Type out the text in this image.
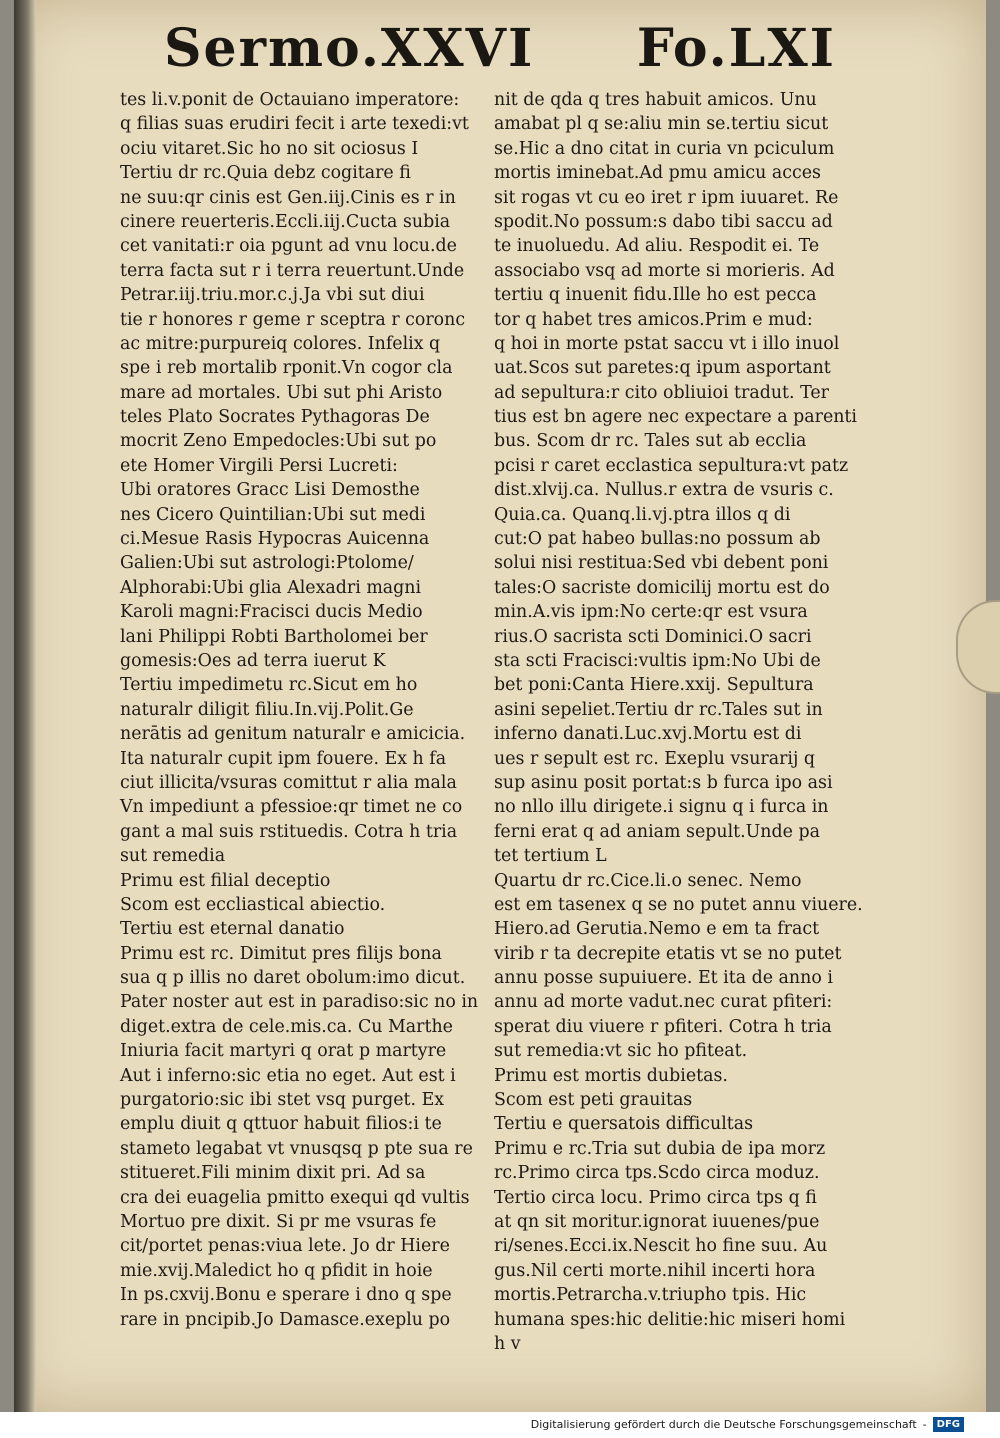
Sermo.XXVI Fo.LXI
tes li.v.ponit de Octauiano imperatore:
q filias suas erudiri fecit i arte texedi:vt
ociu vitaret.Sic ho no sit ociosus I
Tertiu dr rc.Quia debz cogitare fi
ne suu:qr cinis est Gen.iij.Cinis es r in
cinere reuerteris.Eccli.iij.Cucta subia
cet vanitati:r oia pgunt ad vnu locu.de
terra facta sut r i terra reuertunt.Unde
Petrar.iij.triu.mor.c.j.Ja vbi sut diui
tie r honores r geme r sceptra r coronc
ac mitre:purpureiq colores. Infelix q
spe i reb mortalib rponit.Vn cogor cla
mare ad mortales. Ubi sut phi Aristo
teles Plato Socrates Pythagoras De
mocrit Zeno Empedocles:Ubi sut po
ete Homer Virgili Persi Lucreti:
Ubi oratores Gracc Lisi Demosthe
nes Cicero Quintilian:Ubi sut medi
ci.Mesue Rasis Hypocras Auicenna
Galien:Ubi sut astrologi:Ptolome/
Alphorabi:Ubi glia Alexadri magni
Karoli magni:Fracisci ducis Medio
lani Philippi Robti Bartholomei ber
gomesis:Oes ad terra iuerut K
Tertiu impedimetu rc.Sicut em ho
naturalr diligit filiu.In.vij.Polit.Ge
nerātis ad genitum naturalr e amicicia.
Ita naturalr cupit ipm fouere. Ex h fa
ciut illicita/vsuras comittut r alia mala
Vn impediunt a pfessioe:qr timet ne co
gant a mal suis rstituedis. Cotra h tria
sut remedia
Primu est filial deceptio
Scom est eccliastical abiectio.
Tertiu est eternal danatio
Primu est rc. Dimitut pres filijs bona
sua q p illis no daret obolum:imo dicut.
Pater noster aut est in paradiso:sic no in
diget.extra de cele.mis.ca. Cu Marthe
Iniuria facit martyri q orat p martyre
Aut i inferno:sic etia no eget. Aut est i
purgatorio:sic ibi stet vsq purget. Ex
emplu diuit q qttuor habuit filios:i te
stameto legabat vt vnusqsq p pte sua re
stitueret.Fili minim dixit pri. Ad sa
cra dei euagelia pmitto exequi qd vultis
Mortuo pre dixit. Si pr me vsuras fe
cit/portet penas:viua lete. Jo dr Hiere
mie.xvij.Maledict ho q pfidit in hoie
In ps.cxvij.Bonu e sperare i dno q spe
rare in pncipib.Jo Damasce.exeplu po
nit de qda q tres habuit amicos. Unu
amabat pl q se:aliu min se.tertiu sicut
se.Hic a dno citat in curia vn pciculum
mortis iminebat.Ad pmu amicu acces
sit rogas vt cu eo iret r ipm iuuaret. Re
spodit.No possum:s dabo tibi saccu ad
te inuoluedu. Ad aliu. Respodit ei. Te
associabo vsq ad morte si morieris. Ad
tertiu q inuenit fidu.Ille ho est pecca
tor q habet tres amicos.Prim e mud:
q hoi in morte pstat saccu vt i illo inuol
uat.Scos sut paretes:q ipum asportant
ad sepultura:r cito obliuioi tradut. Ter
tius est bn agere nec expectare a parenti
bus. Scom dr rc. Tales sut ab ecclia
pcisi r caret ecclastica sepultura:vt patz
dist.xlvij.ca. Nullus.r extra de vsuris c.
Quia.ca. Quanq.li.vj.ptra illos q di
cut:O pat habeo bullas:no possum ab
solui nisi restitua:Sed vbi debent poni
tales:O sacriste domicilij mortu est do
min.A.vis ipm:No certe:qr est vsura
rius.O sacrista scti Dominici.O sacri
sta scti Fracisci:vultis ipm:No Ubi de
bet poni:Canta Hiere.xxij. Sepultura
asini sepeliet.Tertiu dr rc.Tales sut in
inferno danati.Luc.xvj.Mortu est di
ues r sepult est rc. Exeplu vsurarij q
sup asinu posit portat:s b furca ipo asi
no nllo illu dirigete.i signu q i furca in
ferni erat q ad aniam sepult.Unde pa
tet tertium L
Quartu dr rc.Cice.li.o senec. Nemo
est em tasenex q se no putet annu viuere.
Hiero.ad Gerutia.Nemo e em ta fract
virib r ta decrepite etatis vt se no putet
annu posse supuiuere. Et ita de anno i
annu ad morte vadut.nec curat pfiteri:
sperat diu viuere r pfiteri. Cotra h tria
sut remedia:vt sic ho pfiteat.
Primu est mortis dubietas.
Scom est peti grauitas
Tertiu e quersatois difficultas
Primu e rc.Tria sut dubia de ipa morz
rc.Primo circa tps.Scdo circa moduz.
Tertio circa locu. Primo circa tps q fi
at qn sit moritur.ignorat iuuenes/pue
ri/senes.Ecci.ix.Nescit ho fine suu. Au
gus.Nil certi morte.nihil incerti hora
mortis.Petrarcha.v.triupho tpis. Hic
humana spes:hic delitie:hic miseri homi
h v
Digitalisierung gefördert durch die Deutsche Forschungsgemeinschaft -	DFG
